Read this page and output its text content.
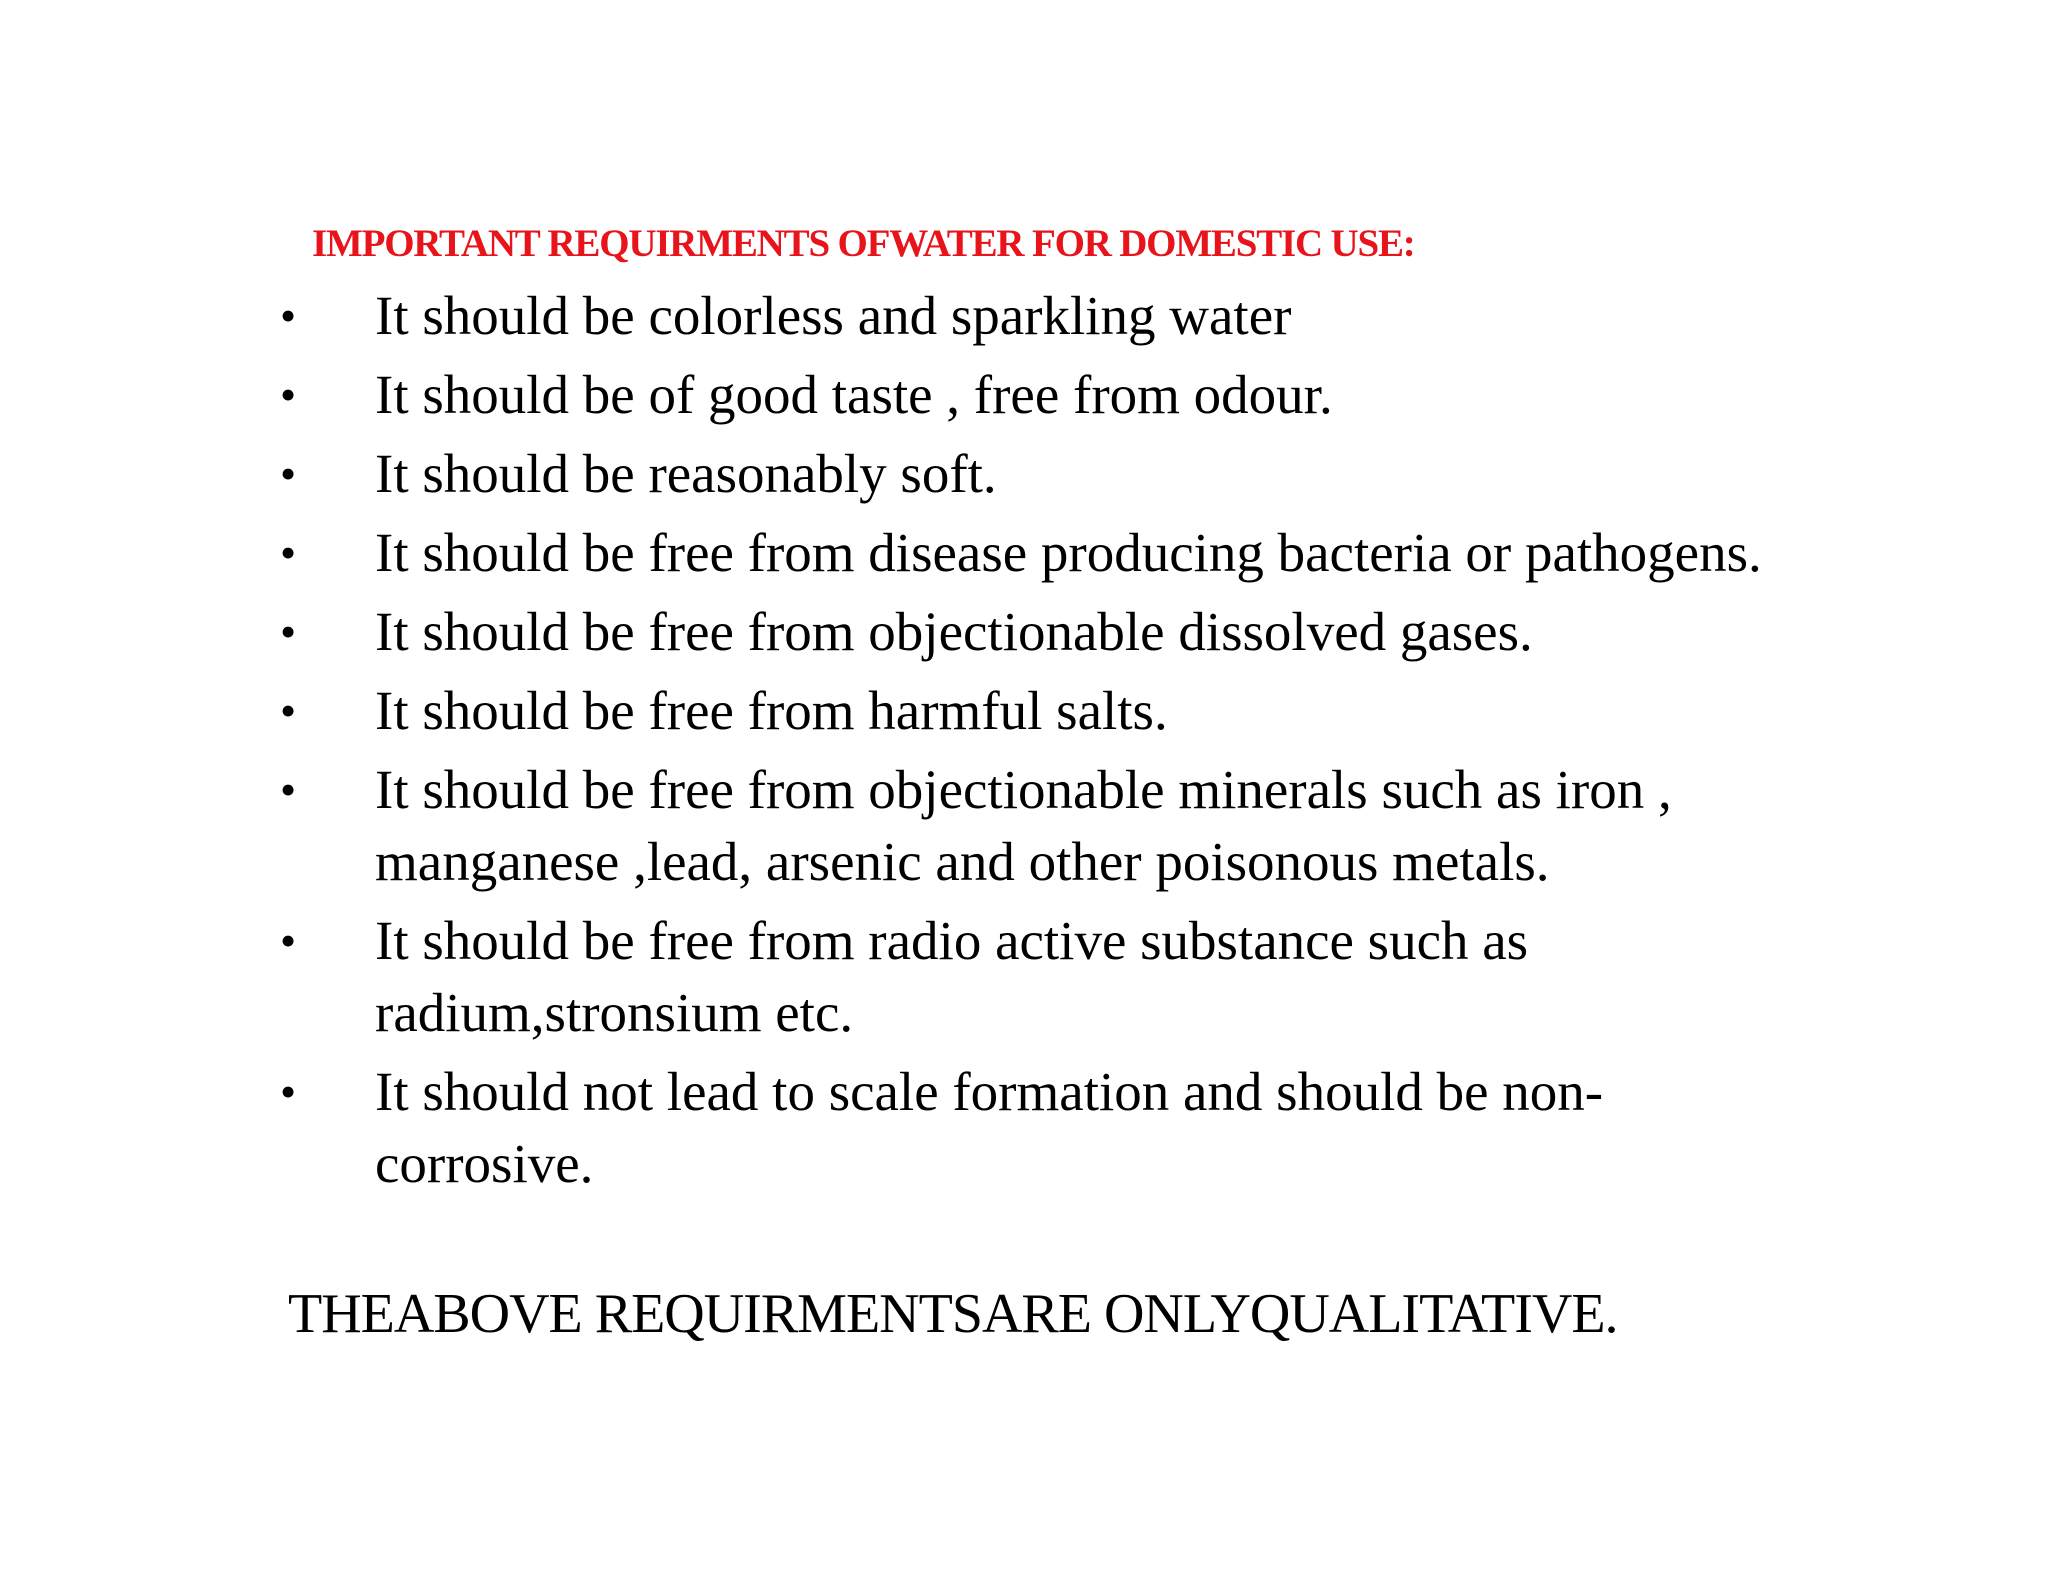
IMPORTANT REQUIRMENTS OFWATER FOR DOMESTIC USE:
• It should be colorless and sparkling water
• It should be of good taste , free from odour.
• It should be reasonably soft.
• It should be free from disease producing bacteria or pathogens.
• It should be free from objectionable dissolved gases.
• It should be free from harmful salts.
• It should be free from objectionable minerals such as iron , manganese ,lead, arsenic and other poisonous metals.
• It should be free from radio active substance such as radium,stronsium etc.
• It should not lead to scale formation and should be non- corrosive.
THEABOVE REQUIRMENTSARE ONLYQUALITATIVE.
